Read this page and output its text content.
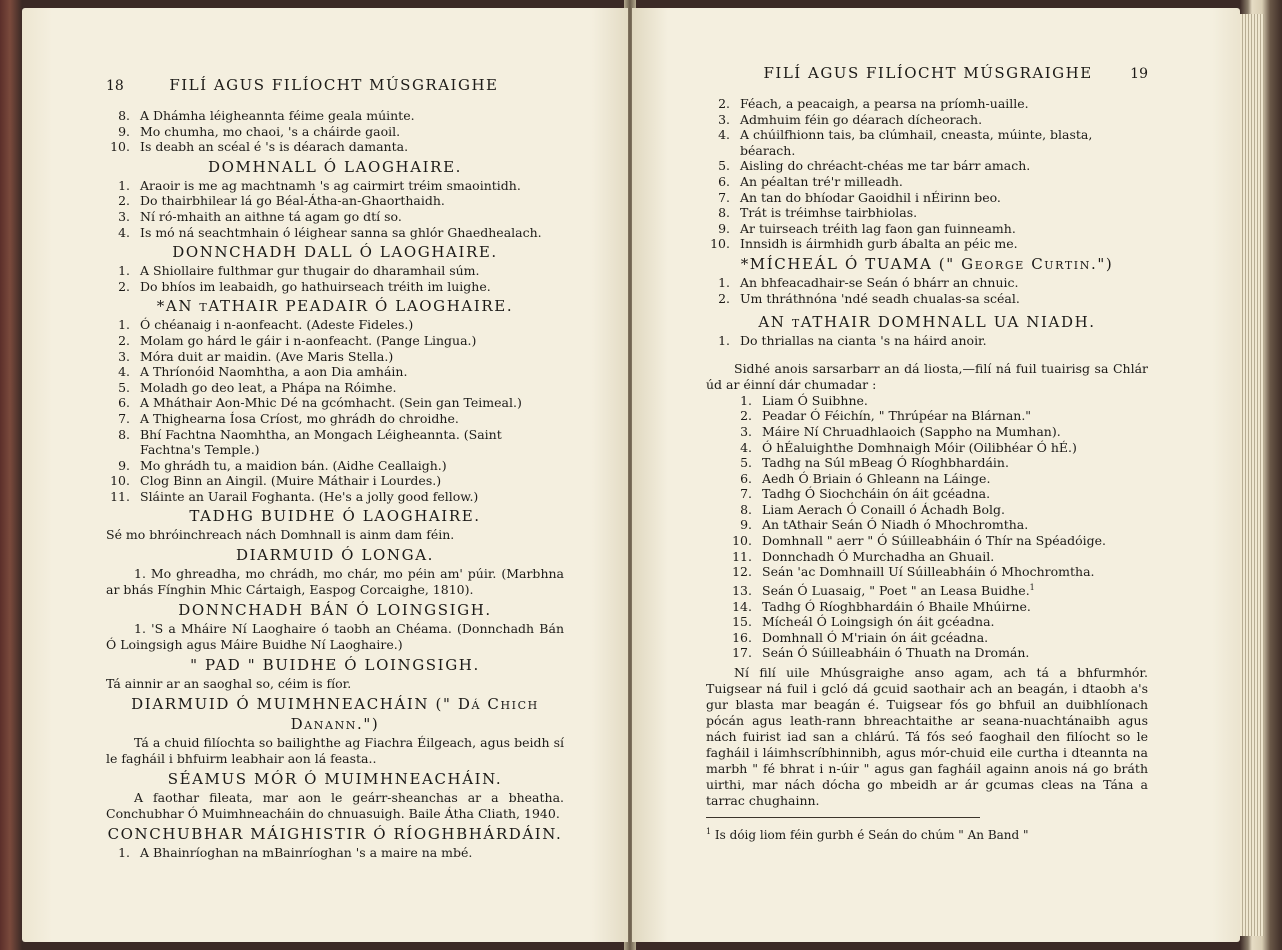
18	FILÍ AGUS FILÍOCHT MÚSGRAIGHE
8. A Dhámha léigheannta féime geala múinte.
9. Mo chumha, mo chaoi, 's a cháirde gaoil.
10. Is deabh an scéal é 's is déarach damanta.
DOMHNALL Ó LAOGHAIRE.
1. Araoir is me ag machtnamh 's ag cairmirt tréim smaointidh.
2. Do thairbhilear lá go Béal-Átha-an-Ghaorthaidh.
3. Ní ró-mhaith an aithne tá agam go dtí so.
4. Is mó ná seachtmhain ó léighear sanna sa ghlór Ghaedhealach.
DONNCHADH DALL Ó LAOGHAIRE.
1. A Shiollaire fulthmar gur thugair do dharamhail súm.
2. Do bhíos im leabaidh, go hathuirseach tréith im luighe.
*AN tATHAIR PEADAIR Ó LAOGHAIRE.
1. Ó chéanaig i n-aonfeacht. (Adeste Fideles.)
2. Molam go hárd le gáir i n-aonfeacht. (Pange Lingua.)
3. Móra duit ar maidin. (Ave Maris Stella.)
4. A Thríonóid Naomhtha, a aon Dia amháin.
5. Moladh go deo leat, a Phápa na Róimhe.
6. A Mháthair Aon-Mhic Dé na gcómhacht. (Sein gan Teimeal.)
7. A Thighearna Íosa Críost, mo ghrádh do chroidhe.
8. Bhí Fachtna Naomhtha, an Mongach Léigheannta. (Saint Fachtna's Temple.)
9. Mo ghrádh tu, a maidion bán. (Aidhe Ceallaigh.)
10. Clog Binn an Aingil. (Muire Máthair i Lourdes.)
11. Sláinte an Uarail Foghanta. (He's a jolly good fellow.)
TADHG BUIDHE Ó LAOGHAIRE.
Sé mo bhróinchreach nách Domhnall is ainm dam féin.
DIARMUID Ó LONGA.
1. Mo ghreadha, mo chrádh, mo chár, mo péin am' púir. (Marbhna ar bhás Fínghin Mhic Cártaigh, Easpog Corcaighe, 1810).
DONNCHADH BÁN Ó LOINGSIGH.
1. 'S a Mháire Ní Laoghaire ó taobh an Chéama. (Donnchadh Bán Ó Loingsigh agus Máire Buidhe Ní Laoghaire.)
" PAD " BUIDHE Ó LOINGSIGH.
Tá ainnir ar an saoghal so, céim is fíor.
DIARMUID Ó MUIMHNEACHÁIN (" Dá Chich Danann.")
Tá a chuid filíochta so bailighthe ag Fiachra Éilgeach, agus beidh sí le fagháil i bhfuirm leabhair aon lá feasta..
SÉAMUS MÓR Ó MUIMHNEACHÁIN.
A faothar fileata, mar aon le geárr-sheanchas ar a bheatha. Conchubhar Ó Muimhneacháin do chnuasuigh. Baile Átha Cliath, 1940.
CONCHUBHAR MÁIGHISTIR Ó RÍOGHBHÁRDÁIN.
1. A Bhainríoghan na mBainríoghan 's a maire na mbé.
FILÍ AGUS FILÍOCHT MÚSGRAIGHE	19
2. Féach, a peacaigh, a pearsa na príomh-uaille.
3. Admhuim féin go déarach dícheorach.
4. A chúilfhionn tais, ba clúmhail, cneasta, múinte, blasta, béarach.
5. Aisling do chréacht-chéas me tar bárr amach.
6. An péaltan tré'r milleadh.
7. An tan do bhíodar Gaoidhil i nÉirinn beo.
8. Trát is tréimhse tairbhiolas.
9. Ar tuirseach tréith lag faon gan fuinneamh.
10. Innsidh is áirmhidh gurb ábalta an péic me.
*MÍCHEÁL Ó TUAMA (" George Curtin.")
1. An bhfeacadhair-se Seán ó bhárr an chnuic.
2. Um thráthnóna 'ndé seadh chualas-sa scéal.
AN tATHAIR DOMHNALL UA NIADH.
1. Do thriallas na cianta 's na háird anoir.
Sidhé anois sarsarbarr an dá liosta,—filí ná fuil tuairisg sa Chlár úd ar éinní dár chumadar :
1. Liam Ó Suibhne.
2. Peadar Ó Féichín, " Thrúpéar na Blárnan."
3. Máire Ní Chruadhlaoich (Sappho na Mumhan).
4. Ó hÉaluighthe Domhnaigh Móir (Oilibhéar Ó hÉ.)
5. Tadhg na Súl mBeag Ó Ríoghbhardáin.
6. Aedh Ó Briain ó Ghleann na Láinge.
7. Tadhg Ó Siochcháin ón áit gcéadna.
8. Liam Aerach Ó Conaill ó Áchadh Bolg.
9. An tAthair Seán Ó Niadh ó Mhochromtha.
10. Domhnall " aerr " Ó Súilleabháin ó Thír na Spéadóige.
11. Donnchadh Ó Murchadha an Ghuail.
12. Seán 'ac Domhnaill Uí Súilleabháin ó Mhochromtha.
13. Seán Ó Luasaig, " Poet " an Leasa Buidhe.$^1$
14. Tadhg Ó Ríoghbhardáin ó Bhaile Mhúirne.
15. Mícheál Ó Loingsigh ón áit gcéadna.
16. Domhnall Ó M'riain ón áit gcéadna.
17. Seán Ó Súilleabháin ó Thuath na Dromán.
Ní filí uile Mhúsgraighe anso agam, ach tá a bhfurmhór. Tuigsear ná fuil i gcló dá gcuid saothair ach an beagán, i dtaobh a's gur blasta mar beagán é. Tuigsear fós go bhfuil an duibhlíonach pócán agus leath-rann bhreachtaithe ar seana-nuachtánaibh agus nách fuirist iad san a chlárú. Tá fós seó faoghail den filíocht so le fagháil i láimhscríbhinnibh, agus mór-chuid eile curtha i dteannta na marbh " fé bhrat i n-úir " agus gan fagháil againn anois ná go bráth uirthi, mar nách dócha go mbeidh ar ár gcumas cleas na Tána a tarrac chughainn.
$^1$ Is dóig liom féin gurbh é Seán do chúm " An Band "
